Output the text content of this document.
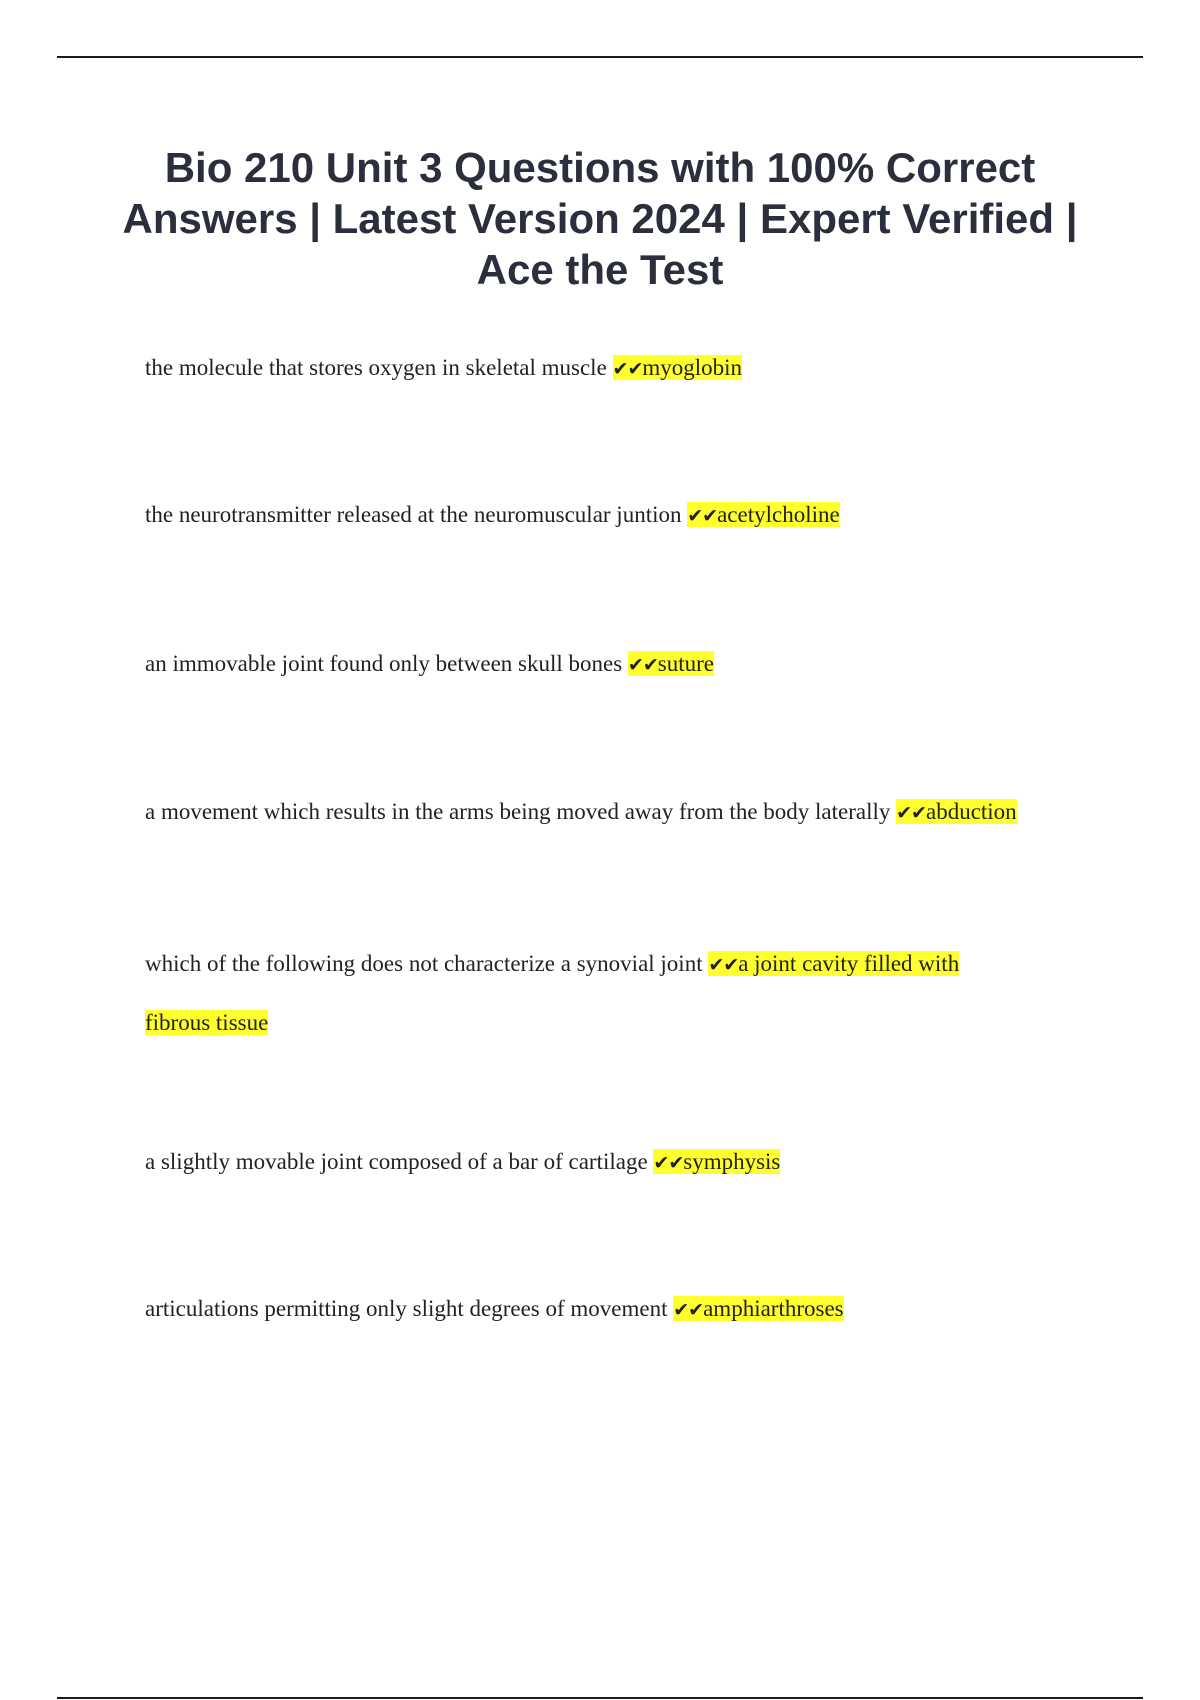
Bio 210 Unit 3 Questions with 100% Correct Answers | Latest Version 2024 | Expert Verified | Ace the Test

the molecule that stores oxygen in skeletal muscle ✔✔myoglobin

the neurotransmitter released at the neuromuscular juntion ✔✔acetylcholine

an immovable joint found only between skull bones ✔✔suture

a movement which results in the arms being moved away from the body laterally ✔✔abduction

which of the following does not characterize a synovial joint ✔✔a joint cavity filled with fibrous tissue

a slightly movable joint composed of a bar of cartilage ✔✔symphysis

articulations permitting only slight degrees of movement ✔✔amphiarthroses
